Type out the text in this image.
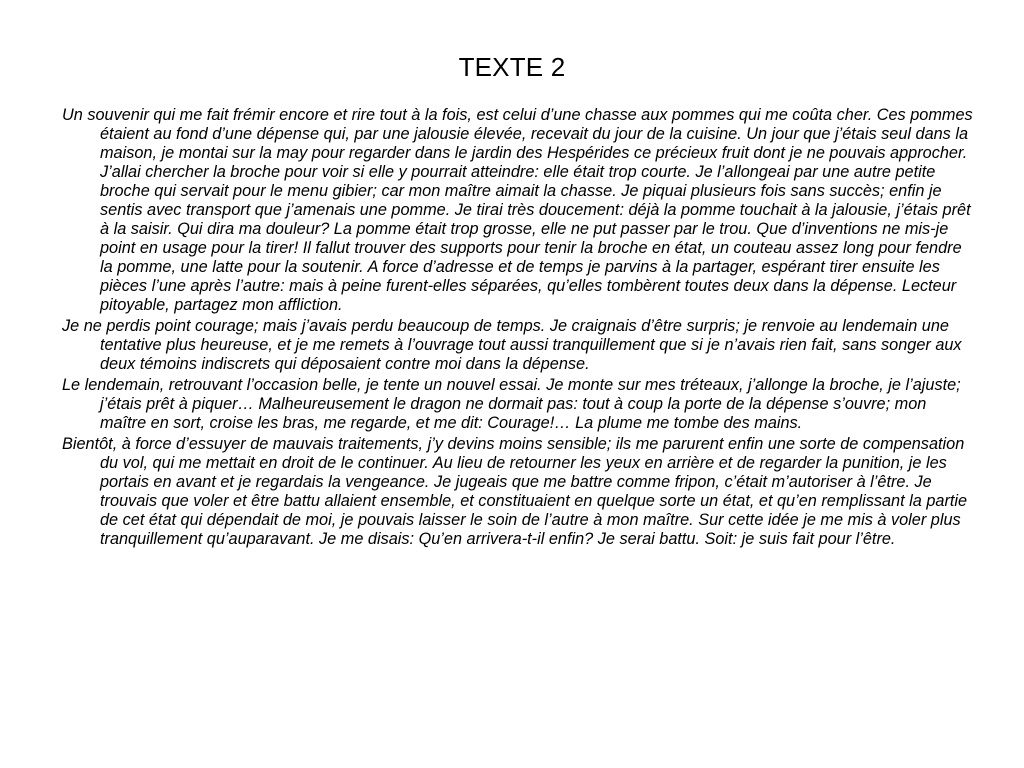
TEXTE 2

Un souvenir qui me fait frémir encore et rire tout à la fois, est celui d’une chasse aux pommes qui me coûta cher. Ces pommes étaient au fond d’une dépense qui, par une jalousie élevée, recevait du jour de la cuisine. Un jour que j’étais seul dans la maison, je montai sur la may pour regarder dans le jardin des Hespérides ce précieux fruit dont je ne pouvais approcher. J’allai chercher la broche pour voir si elle y pourrait atteindre: elle était trop courte. Je l’allongeai par une autre petite broche qui servait pour le menu gibier; car mon maître aimait la chasse. Je piquai plusieurs fois sans succès; enfin je sentis avec transport que j’amenais une pomme. Je tirai très doucement: déjà la pomme touchait à la jalousie, j’étais prêt à la saisir. Qui dira ma douleur? La pomme était trop grosse, elle ne put passer par le trou. Que d’inventions ne mis-je point en usage pour la tirer! Il fallut trouver des supports pour tenir la broche en état, un couteau assez long pour fendre la pomme, une latte pour la soutenir. A force d’adresse et de temps je parvins à la partager, espérant tirer ensuite les pièces l’une après l’autre: mais à peine furent-elles séparées, qu’elles tombèrent toutes deux dans la dépense. Lecteur pitoyable, partagez mon affliction.

Je ne perdis point courage; mais j’avais perdu beaucoup de temps. Je craignais d’être surpris; je renvoie au lendemain une tentative plus heureuse, et je me remets à l’ouvrage tout aussi tranquillement que si je n’avais rien fait, sans songer aux deux témoins indiscrets qui déposaient contre moi dans la dépense.

Le lendemain, retrouvant l’occasion belle, je tente un nouvel essai. Je monte sur mes tréteaux, j’allonge la broche, je l’ajuste; j’étais prêt à piquer… Malheureusement le dragon ne dormait pas: tout à coup la porte de la dépense s’ouvre; mon maître en sort, croise les bras, me regarde, et me dit: Courage!… La plume me tombe des mains.

Bientôt, à force d’essuyer de mauvais traitements, j’y devins moins sensible; ils me parurent enfin une sorte de compensation du vol, qui me mettait en droit de le continuer. Au lieu de retourner les yeux en arrière et de regarder la punition, je les portais en avant et je regardais la vengeance. Je jugeais que me battre comme fripon, c’était m’autoriser à l’être. Je trouvais que voler et être battu allaient ensemble, et constituaient en quelque sorte un état, et qu’en remplissant la partie de cet état qui dépendait de moi, je pouvais laisser le soin de l’autre à mon maître. Sur cette idée je me mis à voler plus tranquillement qu’auparavant. Je me disais: Qu’en arrivera-t-il enfin? Je serai battu. Soit: je suis fait pour l’être.
